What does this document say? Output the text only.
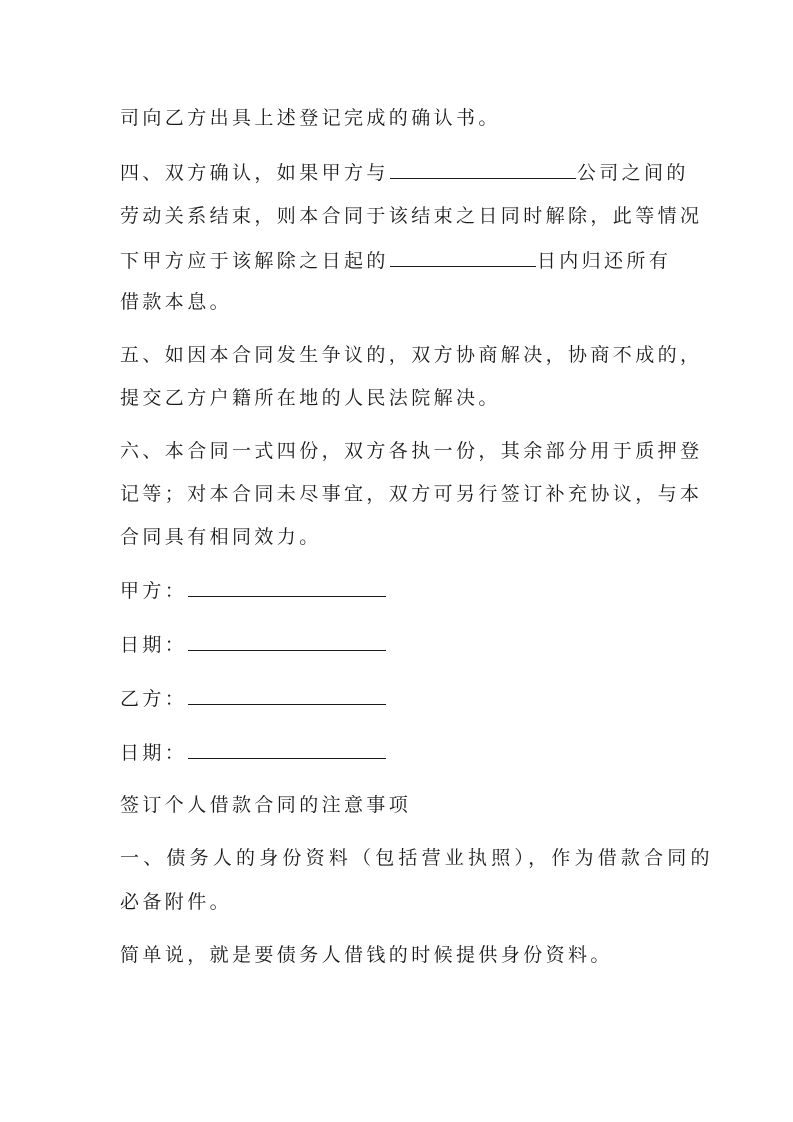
司向乙方出具上述登记完成的确认书。
四、双方确认，如果甲方与	公司之间的
劳动关系结束，则本合同于该结束之日同时解除，此等情况
下甲方应于该解除之日起的	日内归还所有
借款本息。
五、如因本合同发生争议的，双方协商解决，协商不成的，
提交乙方户籍所在地的人民法院解决。
六、本合同一式四份，双方各执一份，其余部分用于质押登
记等；对本合同未尽事宜，双方可另行签订补充协议，与本
合同具有相同效力。
甲方：
日期：
乙方：
日期：
签订个人借款合同的注意事项
一、债务人的身份资料（包括营业执照），作为借款合同的
必备附件。
简单说，就是要债务人借钱的时候提供身份资料。
